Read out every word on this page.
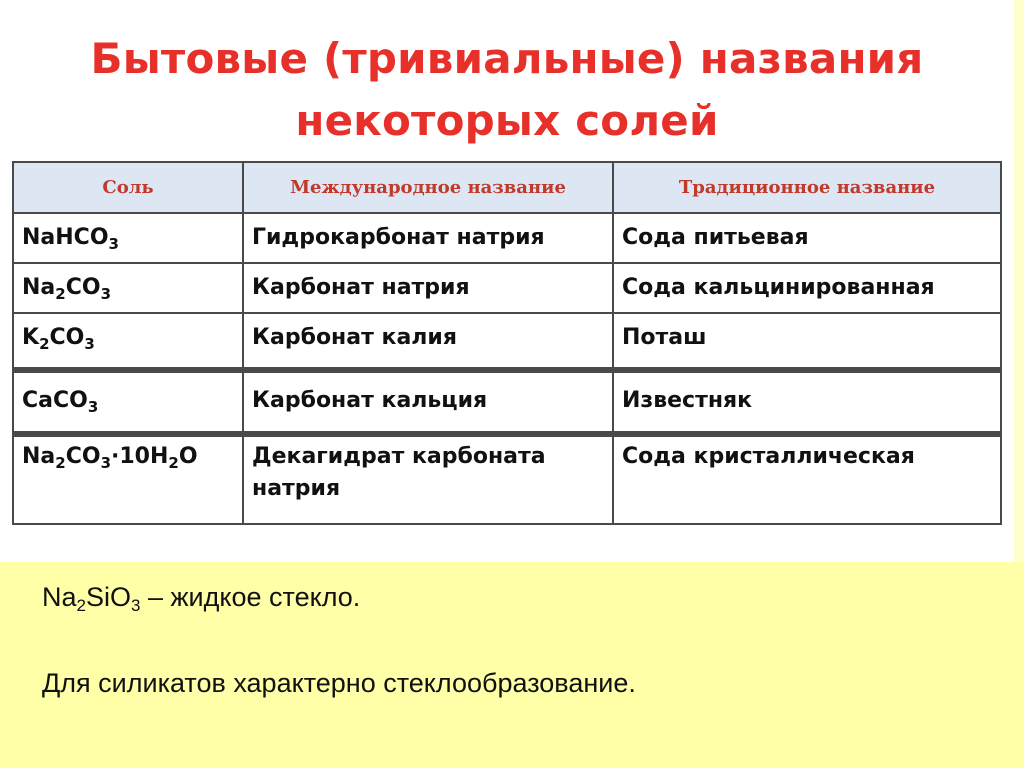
Бытовые (тривиальные) названия
некоторых солей
Соль	Международное название	Традиционное название
NaHCO$_3$	Гидрокарбонат натрия	Сода питьевая
$Na_2CO_3$	Карбонат натрия	Сода кальцинированная
$K_2CO_3$	Карбонат калия	Поташ
CaCO$_3$	Карбонат кальция	Известняк
$Na_2CO_3\cdot 10H_2O$	Декагидрат карбоната натрия	Сода кристаллическая
$Na_2SiO_3$ – жидкое стекло.
Для силикатов характерно стеклообразование.
